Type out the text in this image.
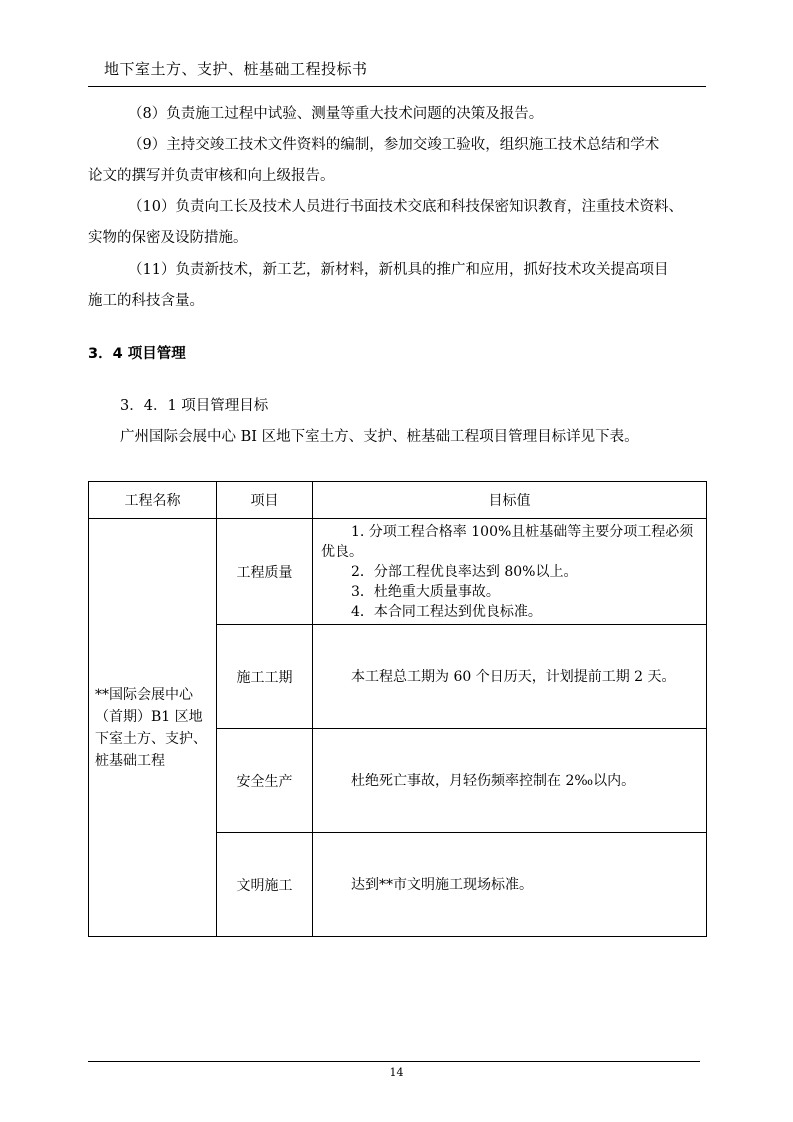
地下室土方、支护、桩基础工程投标书

（8）负责施工过程中试验、测量等重大技术问题的决策及报告。

（9）主持交竣工技术文件资料的编制，参加交竣工验收，组织施工技术总结和学术
论文的撰写并负责审核和向上级报告。

（10）负责向工长及技术人员进行书面技术交底和科技保密知识教育，注重技术资料、
实物的保密及设防措施。

（11）负责新技术，新工艺，新材料，新机具的推广和应用，抓好技术攻关提高项目
施工的科技含量。

3．4 项目管理
3．4．1 项目管理目标
广州国际会展中心 BI 区地下室土方、支护、桩基础工程项目管理目标详见下表。
工程名称	项目	目标值
**国际会展中心（首期）B1 区地下室土方、支护、桩基础工程	工程质量	1. 分项工程合格率 100%且桩基础等主要分项工程必须优良。
2．分部工程优良率达到 80%以上。
3．杜绝重大质量事故。
4．本合同工程达到优良标准。

	施工工期	本工程总工期为 60 个日历天，计划提前工期 2 天。
	安全生产	杜绝死亡事故，月轻伤频率控制在 2‰以内。
	文明施工	达到**市文明施工现场标准。
14
